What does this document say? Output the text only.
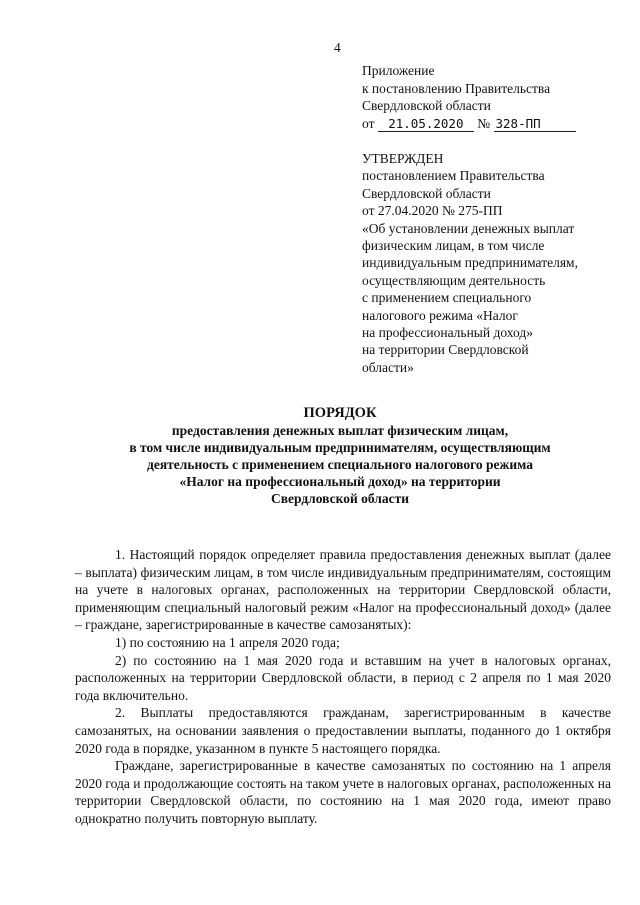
4
Приложение
к постановлению Правительства
Свердловской области
от 21.05.2020 № 328-ПП
УТВЕРЖДЕН
постановлением Правительства
Свердловской области
от 27.04.2020 № 275-ПП
«Об установлении денежных выплат
физическим лицам, в том числе
индивидуальным предпринимателям,
осуществляющим деятельность
с применением специального
налогового режима «Налог
на профессиональный доход»
на территории Свердловской
области»
ПОРЯДОК
предоставления денежных выплат физическим лицам,
в том числе индивидуальным предпринимателям, осуществляющим
деятельность с применением специального налогового режима
«Налог на профессиональный доход» на территории
Свердловской области

1. Настоящий порядок определяет правила предоставления денежных выплат (далее – выплата) физическим лицам, в том числе индивидуальным предпринимателям, состоящим на учете в налоговых органах, расположенных на территории Свердловской области, применяющим специальный налоговый режим «Налог на профессиональный доход» (далее – граждане, зарегистрированные в качестве самозанятых):

1) по состоянию на 1 апреля 2020 года;

2) по состоянию на 1 мая 2020 года и вставшим на учет в налоговых органах, расположенных на территории Свердловской области, в период с 2 апреля по 1 мая 2020 года включительно.

2. Выплаты предоставляются гражданам, зарегистрированным в качестве самозанятых, на основании заявления о предоставлении выплаты, поданного до 1 октября 2020 года в порядке, указанном в пункте 5 настоящего порядка.

Граждане, зарегистрированные в качестве самозанятых по состоянию на 1 апреля 2020 года и продолжающие состоять на таком учете в налоговых органах, расположенных на территории Свердловской области, по состоянию на 1 мая 2020 года, имеют право однократно получить повторную выплату.
